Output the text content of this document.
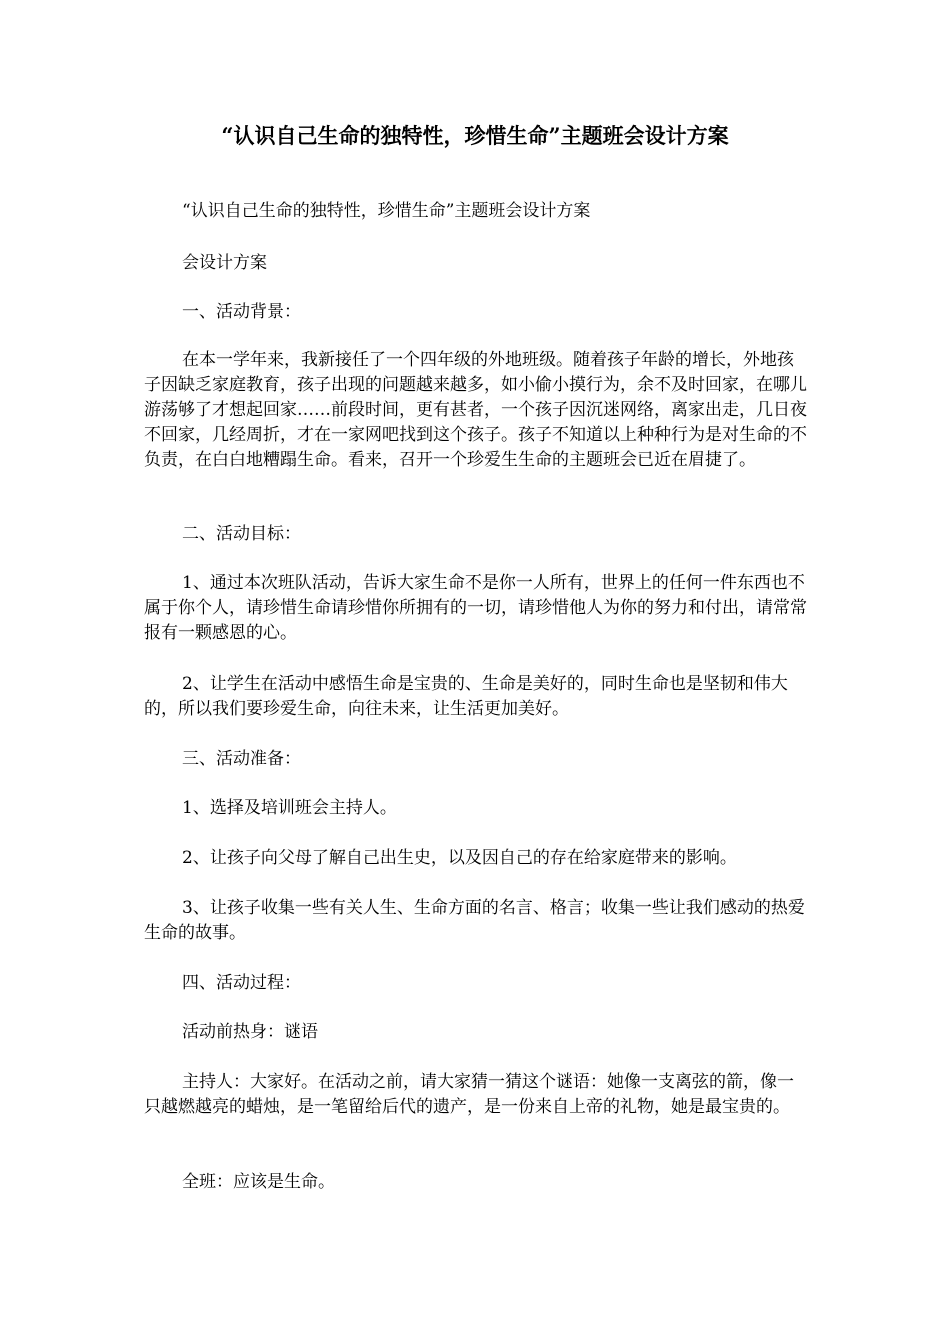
“认识自己生命的独特性，珍惜生命”主题班会设计方案

“认识自己生命的独特性，珍惜生命”主题班会设计方案

会设计方案

一、活动背景：

在本一学年来，我新接任了一个四年级的外地班级。随着孩子年龄的增长，外地孩子因缺乏家庭教育，孩子出现的问题越来越多，如小偷小摸行为，余不及时回家，在哪儿游荡够了才想起回家……前段时间，更有甚者，一个孩子因沉迷网络，离家出走，几日夜不回家，几经周折，才在一家网吧找到这个孩子。孩子不知道以上种种行为是对生命的不负责，在白白地糟蹋生命。看来，召开一个珍爱生生命的主题班会已近在眉捷了。

二、活动目标：

1、通过本次班队活动，告诉大家生命不是你一人所有，世界上的任何一件东西也不属于你个人，请珍惜生命请珍惜你所拥有的一切，请珍惜他人为你的努力和付出，请常常报有一颗感恩的心。

2、让学生在活动中感悟生命是宝贵的、生命是美好的，同时生命也是坚韧和伟大的，所以我们要珍爱生命，向往未来，让生活更加美好。

三、活动准备：

1、选择及培训班会主持人。

2、让孩子向父母了解自己出生史，以及因自己的存在给家庭带来的影响。

3、让孩子收集一些有关人生、生命方面的名言、格言；收集一些让我们感动的热爱生命的故事。

四、活动过程：

活动前热身：谜语

主持人：大家好。在活动之前，请大家猜一猜这个谜语：她像一支离弦的箭，像一只越燃越亮的蜡烛，是一笔留给后代的遗产，是一份来自上帝的礼物，她是最宝贵的。

全班：应该是生命。
